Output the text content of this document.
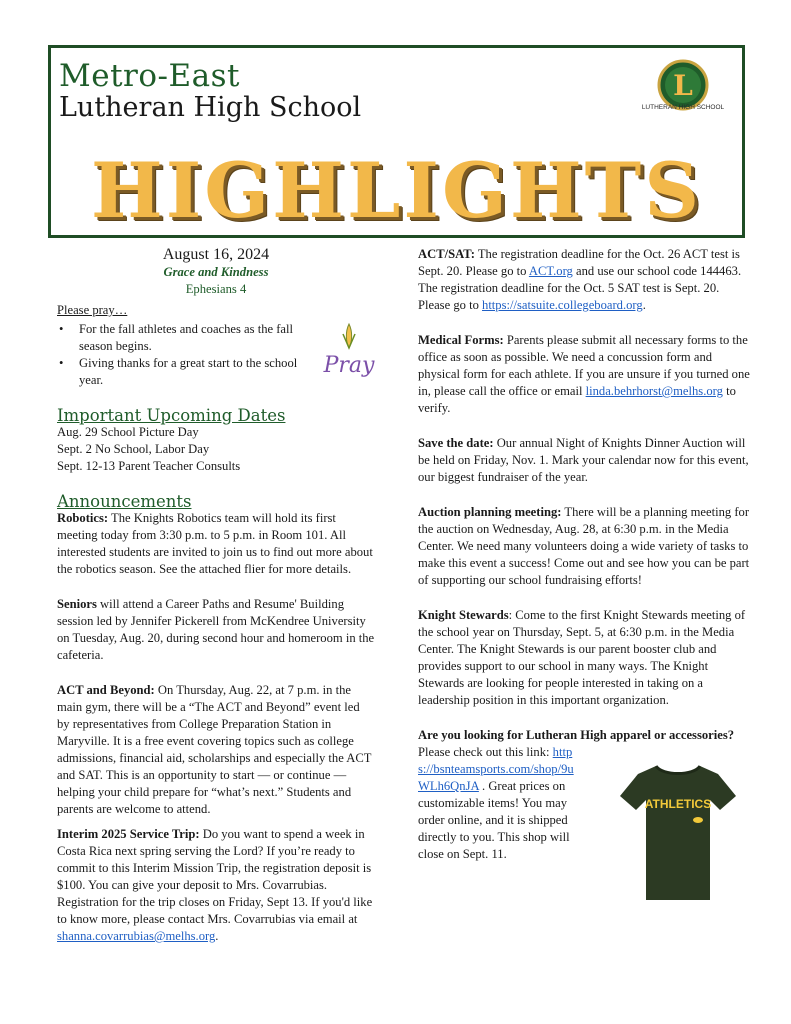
Metro-East
Lutheran High School
L
LUTHERAN HIGH SCHOOL
HIGHLIGHTS
August 16, 2024
Grace and Kindness
Ephesians 4
Please pray…
• For the fall athletes and coaches as the fall season begins.
• Giving thanks for a great start to the school year.
Pray
Important Upcoming Dates
Aug. 29 School Picture Day
Sept. 2 No School, Labor Day
Sept. 12-13 Parent Teacher Consults
Announcements

Robotics: The Knights Robotics team will hold its first meeting today from 3:30 p.m. to 5 p.m. in Room 101. All interested students are invited to join us to find out more about the robotics season. See the attached flier for more details.

Seniors will attend a Career Paths and Resume' Building session led by Jennifer Pickerell from McKendree University on Tuesday, Aug. 20, during second hour and homeroom in the cafeteria.

ACT and Beyond: On Thursday, Aug. 22, at 7 p.m. in the main gym, there will be a “The ACT and Beyond” event led by representatives from College Preparation Station in Maryville. It is a free event covering topics such as college admissions, financial aid, scholarships and especially the ACT and SAT. This is an opportunity to start — or continue — helping your child prepare for “what’s next.” Students and parents are welcome to attend.

Interim 2025 Service Trip: Do you want to spend a week in Costa Rica next spring serving the Lord? If you’re ready to commit to this Interim Mission Trip, the registration deposit is $100. You can give your deposit to Mrs. Covarrubias. Registration for the trip closes on Friday, Sept 13. If you'd like to know more, please contact Mrs. Covarrubias via email at shanna.covarrubias@melhs.org.

ACT/SAT: The registration deadline for the Oct. 26 ACT test is Sept. 20. Please go to ACT.org and use our school code 144463. The registration deadline for the Oct. 5 SAT test is Sept. 20. Please go to https://satsuite.collegeboard.org.

Medical Forms: Parents please submit all necessary forms to the office as soon as possible. We need a concussion form and physical form for each athlete. If you are unsure if you turned one in, please call the office or email linda.behrhorst@melhs.org to verify.

Save the date: Our annual Night of Knights Dinner Auction will be held on Friday, Nov. 1. Mark your calendar now for this event, our biggest fundraiser of the year.

Auction planning meeting: There will be a planning meeting for the auction on Wednesday, Aug. 28, at 6:30 p.m. in the Media Center. We need many volunteers doing a wide variety of tasks to make this event a success! Come out and see how you can be part of supporting our school fundraising efforts!

Knight Stewards: Come to the first Knight Stewards meeting of the school year on Thursday, Sept. 5, at 6:30 p.m. in the Media Center. The Knight Stewards is our parent booster club and provides support to our school in many ways. The Knight Stewards are looking for people interested in taking on a leadership position in this important organization.

Are you looking for Lutheran High apparel or accessories?
Please check out this link: https://bsnteamsports.com/shop/9uWLh6QnJA . Great prices on customizable items! You may order online, and it is shipped directly to you. This shop will close on Sept. 11.
ATHLETICS
